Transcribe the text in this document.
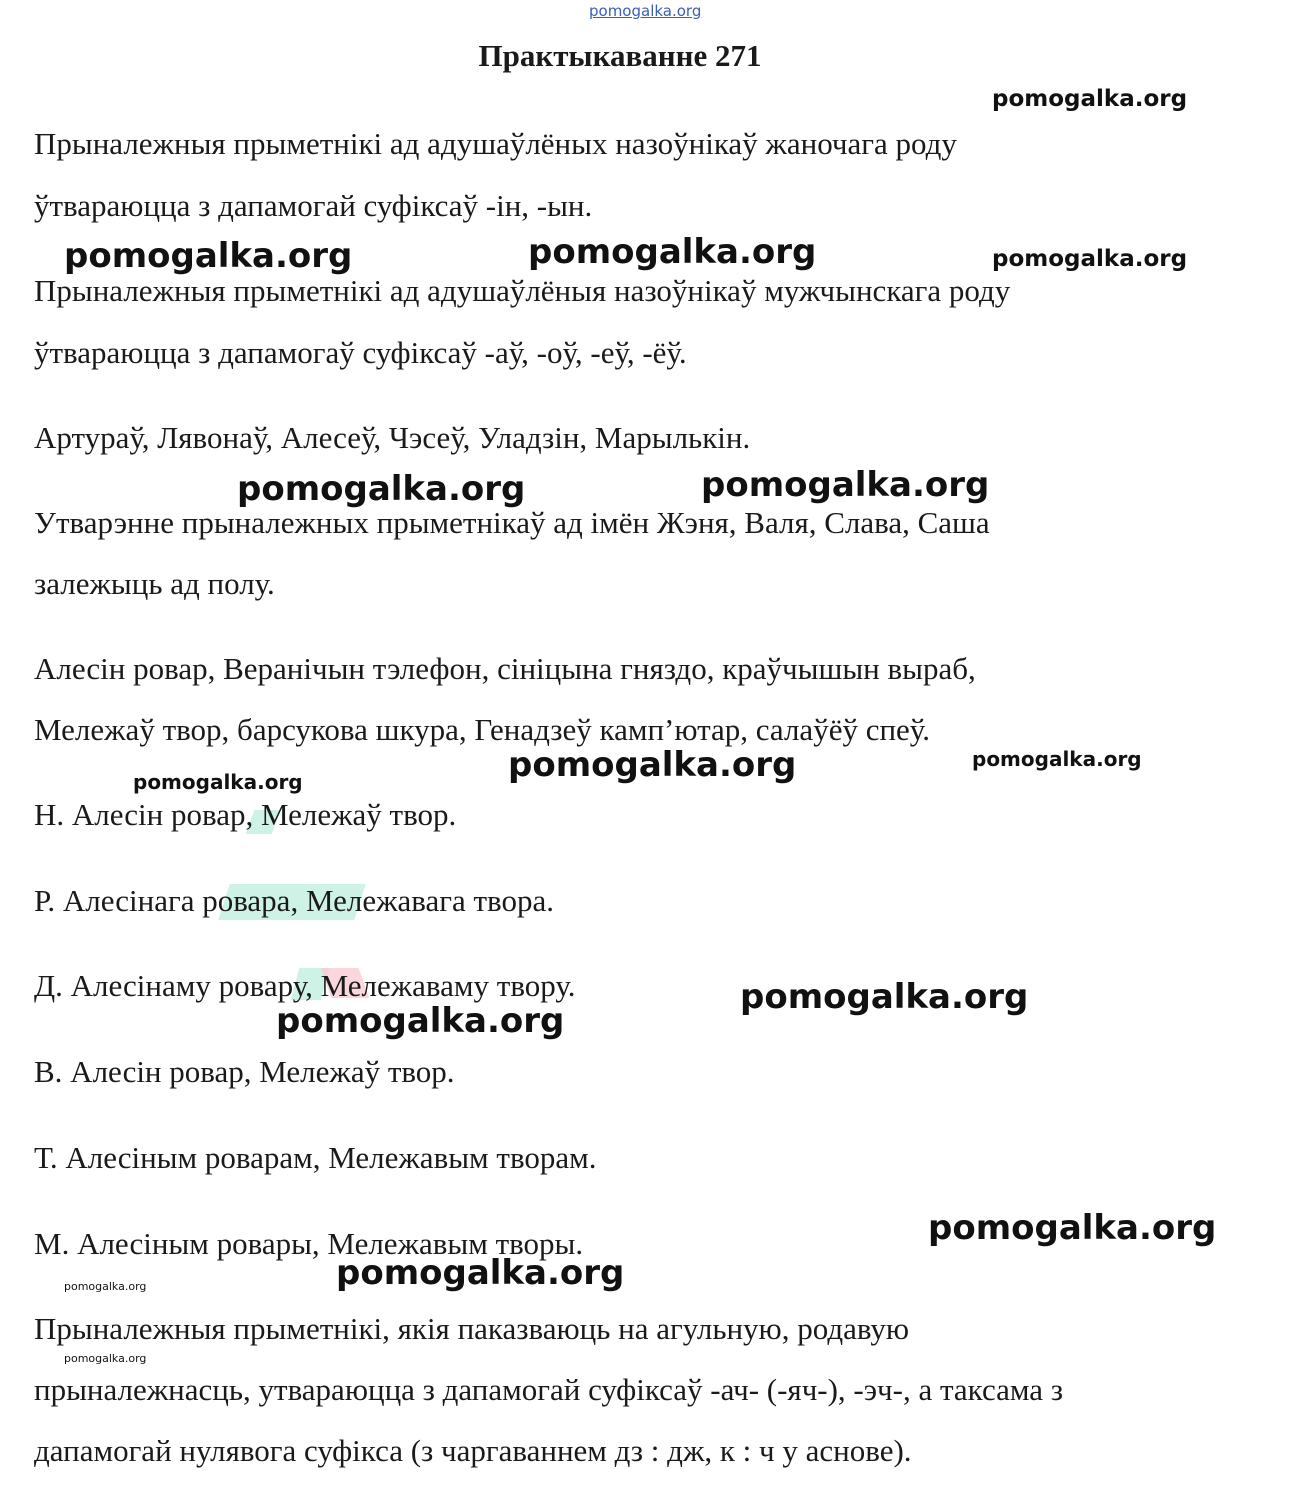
pomogalka.org
Практыкаванне 271
Прыналежныя прыметнікі ад адушаўлёных назоўнікаў жаночага роду
ўтвараюцца з дапамогай суфіксаў -ін, -ын.
Прыналежныя прыметнікі ад адушаўлёныя назоўнікаў мужчынскага роду
ўтвараюцца з дапамогаў суфіксаў -аў, -оў, -еў, -ёў.
Артураў, Лявонаў, Алесеў, Чэсеў, Уладзін, Марылькін.
Утварэнне прыналежных прыметнікаў ад імён Жэня, Валя, Слава, Саша
залежыць ад полу.
Алесін ровар, Веранічын тэлефон, сініцына гняздо, краўчышын выраб,
Мележаў твор, барсукова шкура, Генадзеў камп’ютар, салаўёў спеў.
Н. Алесін ровар, Мележаў твор.
Р. Алесінага ровара, Мележавага твора.
Д. Алесінаму ровару, Мележаваму твору.
В. Алесін ровар, Мележаў твор.
Т. Алесіным роварам, Мележавым творам.
М. Алесіным ровары, Мележавым творы.
Прыналежныя прыметнікі, якія паказваюць на агульную, родавую
прыналежнасць, утвараюцца з дапамогай суфіксаў -ач- (-яч-), -эч-, а таксама з
дапамогай нулявога суфікса (з чаргаваннем дз : дж, к : ч у аснове).
pomogalka.org
pomogalka.org	pomogalka.org	pomogalka.org
pomogalka.org	pomogalka.org
pomogalka.org	pomogalka.org	pomogalka.org
pomogalka.org
pomogalka.org
pomogalka.org
pomogalka.org
pomogalka.org
pomogalka.org
